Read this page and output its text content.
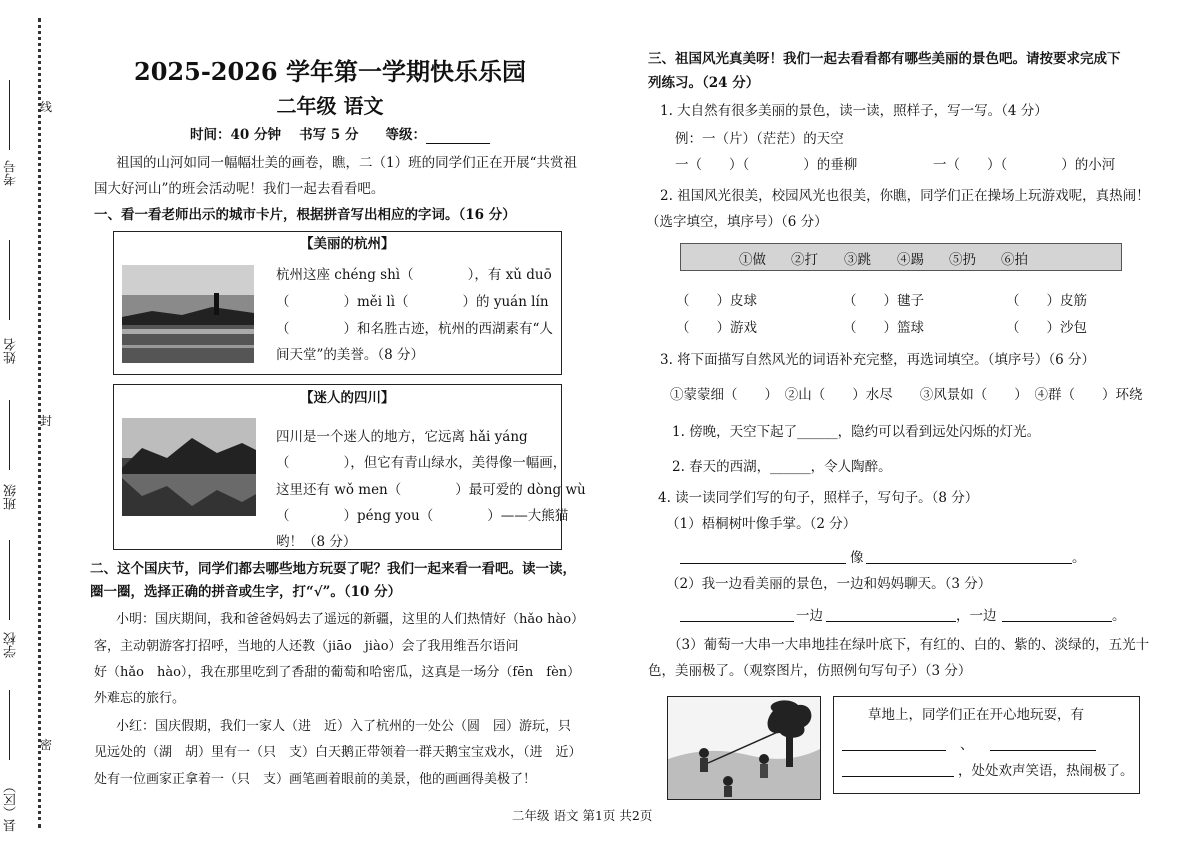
线
封
密
考号
姓名
班级
学校
县（区）
2025-2026 学年第一学期快乐乐园
二年级 语文
时间：40 分钟　 书写 5 分　　等级：
祖国的山河如同一幅幅壮美的画卷，瞧，二（1）班的同学们正在开展“共赏祖
国大好河山”的班会活动呢！我们一起去看看吧。
一、看一看老师出示的城市卡片，根据拼音写出相应的字词。（16 分）
【美丽的杭州】
杭州这座 chéng shì（　　　　），有 xǔ duō
（　　　　）měi lì（　　　　）的 yuán lín
（　　　　）和名胜古迹，杭州的西湖素有“人
间天堂”的美誉。（8 分）
【迷人的四川】
四川是一个迷人的地方，它远离 hǎi yáng
（　　　　），但它有青山绿水，美得像一幅画，
这里还有 wǒ men（　　　　）最可爱的 dòng wù
（　　　　）péng you（　　　　）——大熊猫
哟！（8 分）
二、这个国庆节，同学们都去哪些地方玩耍了呢？我们一起来看一看吧。读一读，
圈一圈，选择正确的拼音或生字，打“√”。（10 分）
小明：国庆期间，我和爸爸妈妈去了遥远的新疆，这里的人们热情好（hǎo hào）
客，主动朝游客打招呼，当地的人还教（jiāo　jiào）会了我用维吾尔语问
好（hǎo　hào），我在那里吃到了香甜的葡萄和哈密瓜，这真是一场分（fēn　fèn）
外难忘的旅行。
小红：国庆假期，我们一家人（进　近）入了杭州的一处公（圆　园）游玩，只
见远处的（湖　胡）里有一（只　支）白天鹅正带领着一群天鹅宝宝戏水，（进　近）
处有一位画家正拿着一（只　支）画笔画着眼前的美景，他的画画得美极了！
三、祖国风光真美呀！我们一起去看看都有哪些美丽的景色吧。请按要求完成下
列练习。（24 分）
1. 大自然有很多美丽的景色，读一读，照样子，写一写。（4 分）
例：一（片）（茫茫）的天空
一（　　）（　　　　）的垂柳	一（　　）（　　　　）的小河
2. 祖国风光很美，校园风光也很美，你瞧，同学们正在操场上玩游戏呢，真热闹！
（选字填空，填序号）（6 分）
①做 ②打 ③跳 ④踢 ⑤扔 ⑥拍
（　　）皮球	（　　）毽子	（　　）皮筋
（　　）游戏	（　　）篮球	（　　）沙包
3. 将下面描写自然风光的词语补充完整，再选词填空。（填序号）（6 分）
①蒙蒙细（　　）　②山（　　）水尽　　③风景如（　　）　④群（　　）环绕
1. 傍晚，天空下起了______，隐约可以看到远处闪烁的灯光。
2. 春天的西湖，______，令人陶醉。
4. 读一读同学们写的句子，照样子，写句子。（8 分）
（1）梧桐树叶像手掌。（2 分）
像	。
（2）我一边看美丽的景色，一边和妈妈聊天。（3 分）
一边	，一边	。
（3）葡萄一大串一大串地挂在绿叶底下，有红的、白的、紫的、淡绿的，五光十
色，美丽极了。（观察图片，仿照例句写句子）（3 分）
草地上，同学们正在开心地玩耍，有
、
，处处欢声笑语，热闹极了。
二年级 语文 第1页 共2页
